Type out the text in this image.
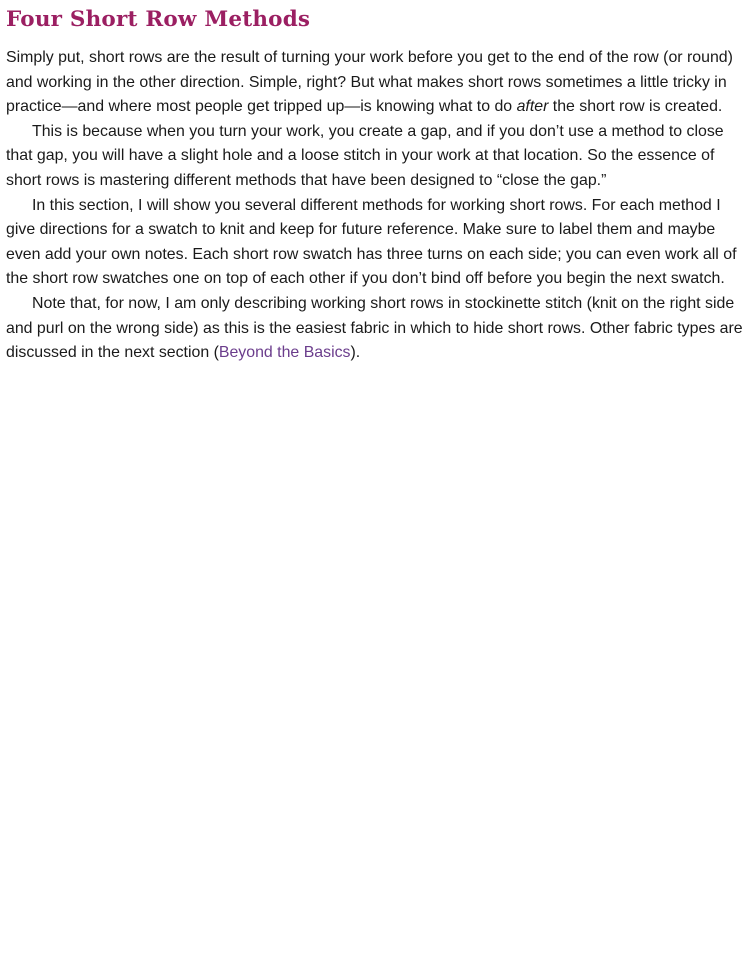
Four Short Row Methods

Simply put, short rows are the result of turning your work before you get to the end of the row (or round) and working in the other direction. Simple, right? But what makes short rows sometimes a little tricky in practice—and where most people get tripped up—is knowing what to do after the short row is created.

This is because when you turn your work, you create a gap, and if you don’t use a method to close that gap, you will have a slight hole and a loose stitch in your work at that location. So the essence of short rows is mastering different methods that have been designed to “close the gap.”

In this section, I will show you several different methods for working short rows. For each method I give directions for a swatch to knit and keep for future reference. Make sure to label them and maybe even add your own notes. Each short row swatch has three turns on each side; you can even work all of the short row swatches one on top of each other if you don’t bind off before you begin the next swatch.

Note that, for now, I am only describing working short rows in stockinette stitch (knit on the right side and purl on the wrong side) as this is the easiest fabric in which to hide short rows. Other fabric types are discussed in the next section (Beyond the Basics).
